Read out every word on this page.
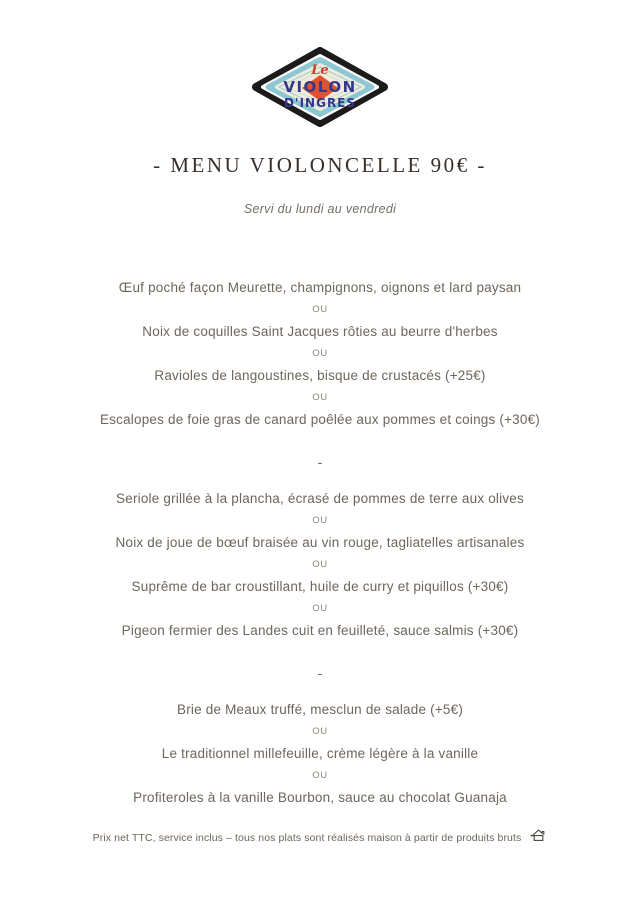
Le
VIOLON
D'INGRES
- MENU VIOLONCELLE 90€ -
Servi du lundi au vendredi
Œuf poché façon Meurette, champignons, oignons et lard paysan
OU
Noix de coquilles Saint Jacques rôties au beurre d'herbes
OU
Ravioles de langoustines, bisque de crustacés (+25€)
OU
Escalopes de foie gras de canard poêlée aux pommes et coings (+30€)
-
Seriole grillée à la plancha, écrasé de pommes de terre aux olives
OU
Noix de joue de bœuf braisée au vin rouge, tagliatelles artisanales
OU
Suprême de bar croustillant, huile de curry et piquillos (+30€)
OU
Pigeon fermier des Landes cuit en feuilleté, sauce salmis (+30€)
-
Brie de Meaux truffé, mesclun de salade (+5€)
OU
Le traditionnel millefeuille, crème légère à la vanille
OU
Profiteroles à la vanille Bourbon, sauce au chocolat Guanaja
Prix net TTC, service inclus – tous nos plats sont réalisés maison à partir de produits bruts
